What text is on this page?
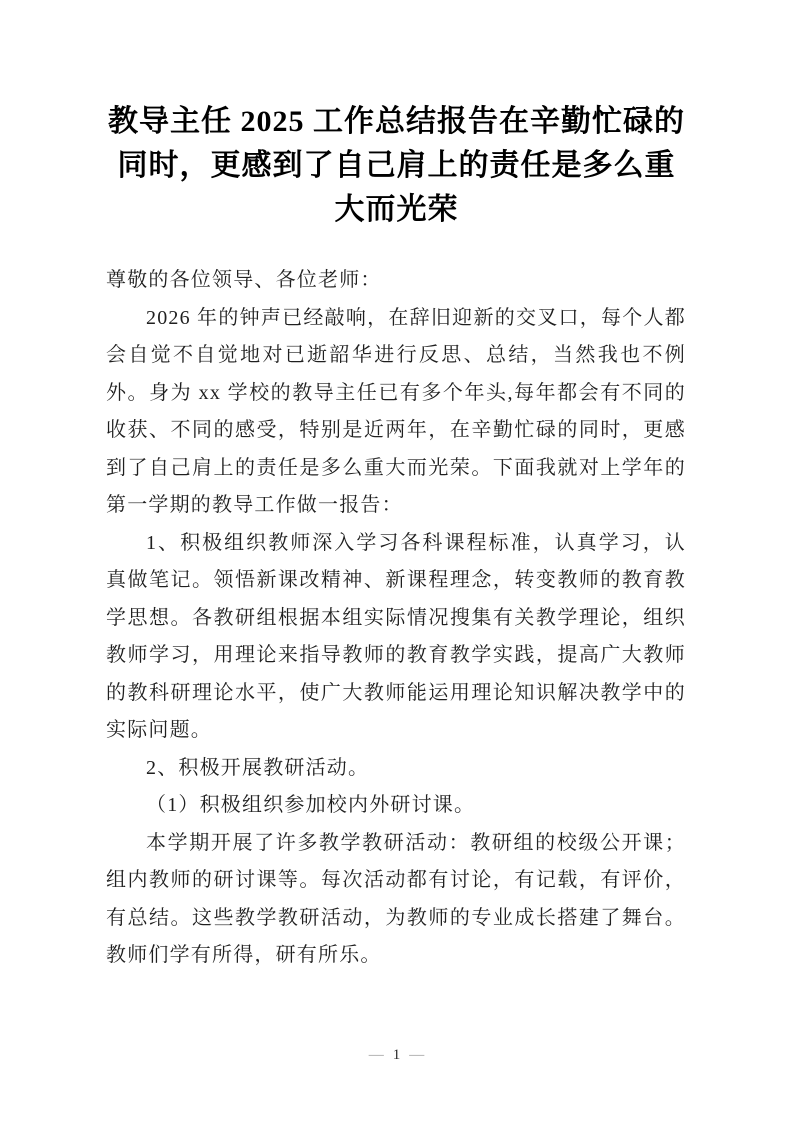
教导主任 2025 工作总结报告在辛勤忙碌的同时，更感到了自己肩上的责任是多么重大而光荣

尊敬的各位领导、各位老师：

2026 年的钟声已经敲响，在辞旧迎新的交叉口，每个人都会自觉不自觉地对已逝韶华进行反思、总结，当然我也不例外。身为 xx 学校的教导主任已有多个年头,每年都会有不同的收获、不同的感受，特别是近两年，在辛勤忙碌的同时，更感到了自己肩上的责任是多么重大而光荣。下面我就对上学年的第一学期的教导工作做一报告：

1、积极组织教师深入学习各科课程标准，认真学习，认真做笔记。领悟新课改精神、新课程理念，转变教师的教育教学思想。各教研组根据本组实际情况搜集有关教学理论，组织教师学习，用理论来指导教师的教育教学实践，提高广大教师的教科研理论水平，使广大教师能运用理论知识解决教学中的实际问题。

2、积极开展教研活动。

（1）积极组织参加校内外研讨课。

本学期开展了许多教学教研活动：教研组的校级公开课；组内教师的研讨课等。每次活动都有讨论，有记载，有评价，有总结。这些教学教研活动，为教师的专业成长搭建了舞台。教师们学有所得，研有所乐。

— 1 —
